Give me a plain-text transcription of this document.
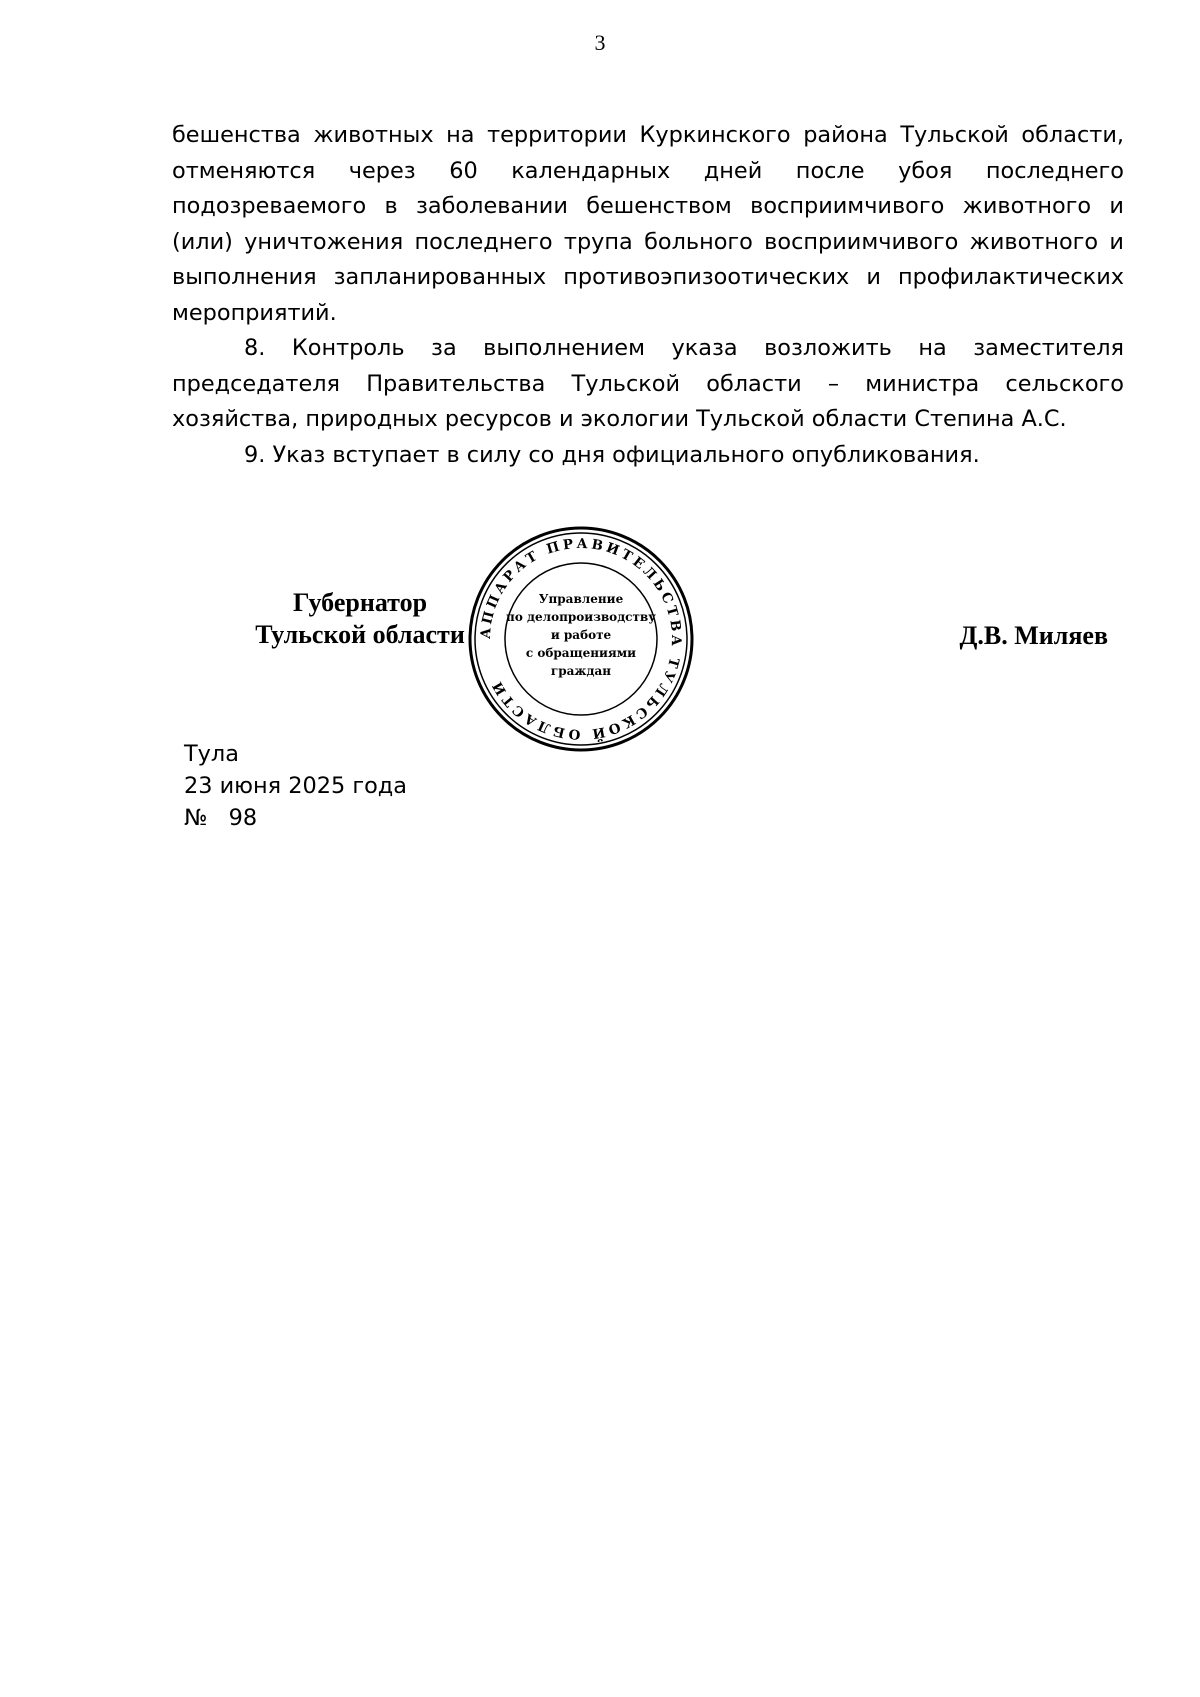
3

бешенства животных на территории Куркинского района Тульской области, отменяются через 60 календарных дней после убоя последнего подозреваемого в заболевании бешенством восприимчивого животного и (или) уничтожения последнего трупа больного восприимчивого животного и выполнения запланированных противоэпизоотических и профилактических мероприятий.

8. Контроль за выполнением указа возложить на заместителя председателя Правительства Тульской области – министра сельского хозяйства, природных ресурсов и экологии Тульской области Степина А.С.

9. Указ вступает в силу со дня официального опубликования.

Губернатор
Тульской области АППАРАТ ПРАВИТЕЛЬСТВА ТУЛЬСКОЙ ОБЛАСТИ
Управление
по делопроизводству
и работе
с обращениями
граждан
Д.В. Миляев
Тула
23 июня 2025 года
№   98
